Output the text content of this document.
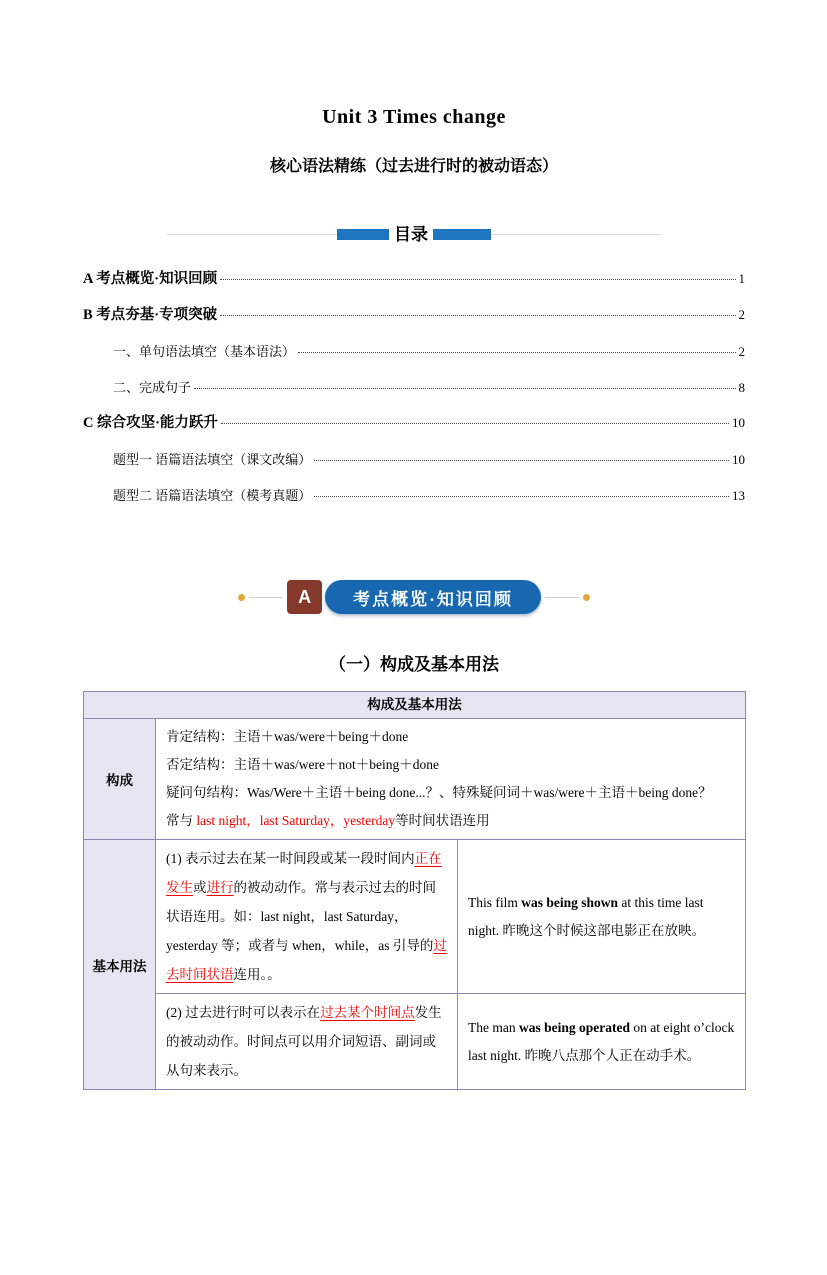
Unit 3 Times change
核心语法精练（过去进行时的被动语态）
目录
A 考点概览·知识回顾	1
B 考点夯基·专项突破	2
一、单句语法填空（基本语法）	2
二、完成句子	8
C 综合攻坚·能力跃升	10
题型一 语篇语法填空（课文改编）	10
题型二 语篇语法填空（模考真题）	13
A	考点概览·知识回顾
（一）构成及基本用法
构成及基本用法		
构成	肯定结构：主语＋was/were＋being＋done
否定结构：主语＋was/were＋not＋being＋done
疑问句结构：Was/Were＋主语＋being done...？、特殊疑问词＋was/were＋主语＋being done？
常与 last night，last Saturday，yesterday等时间状语连用	

基本用法	(1) 表示过去在某一时间段或某一段时间内正在发生或进行的被动动作。常与表示过去的时间状语连用。如：last night，last Saturday，yesterday 等；或者与 when，while，as 引导的过去时间状语连用。。	This film was being shown at this time last night. 昨晚这个时候这部电影正在放映。
	(2) 过去进行时可以表示在过去某个时间点发生的被动动作。时间点可以用介词短语、副词或从句来表示。	The man was being operated on at eight o’clock last night. 昨晚八点那个人正在动手术。
